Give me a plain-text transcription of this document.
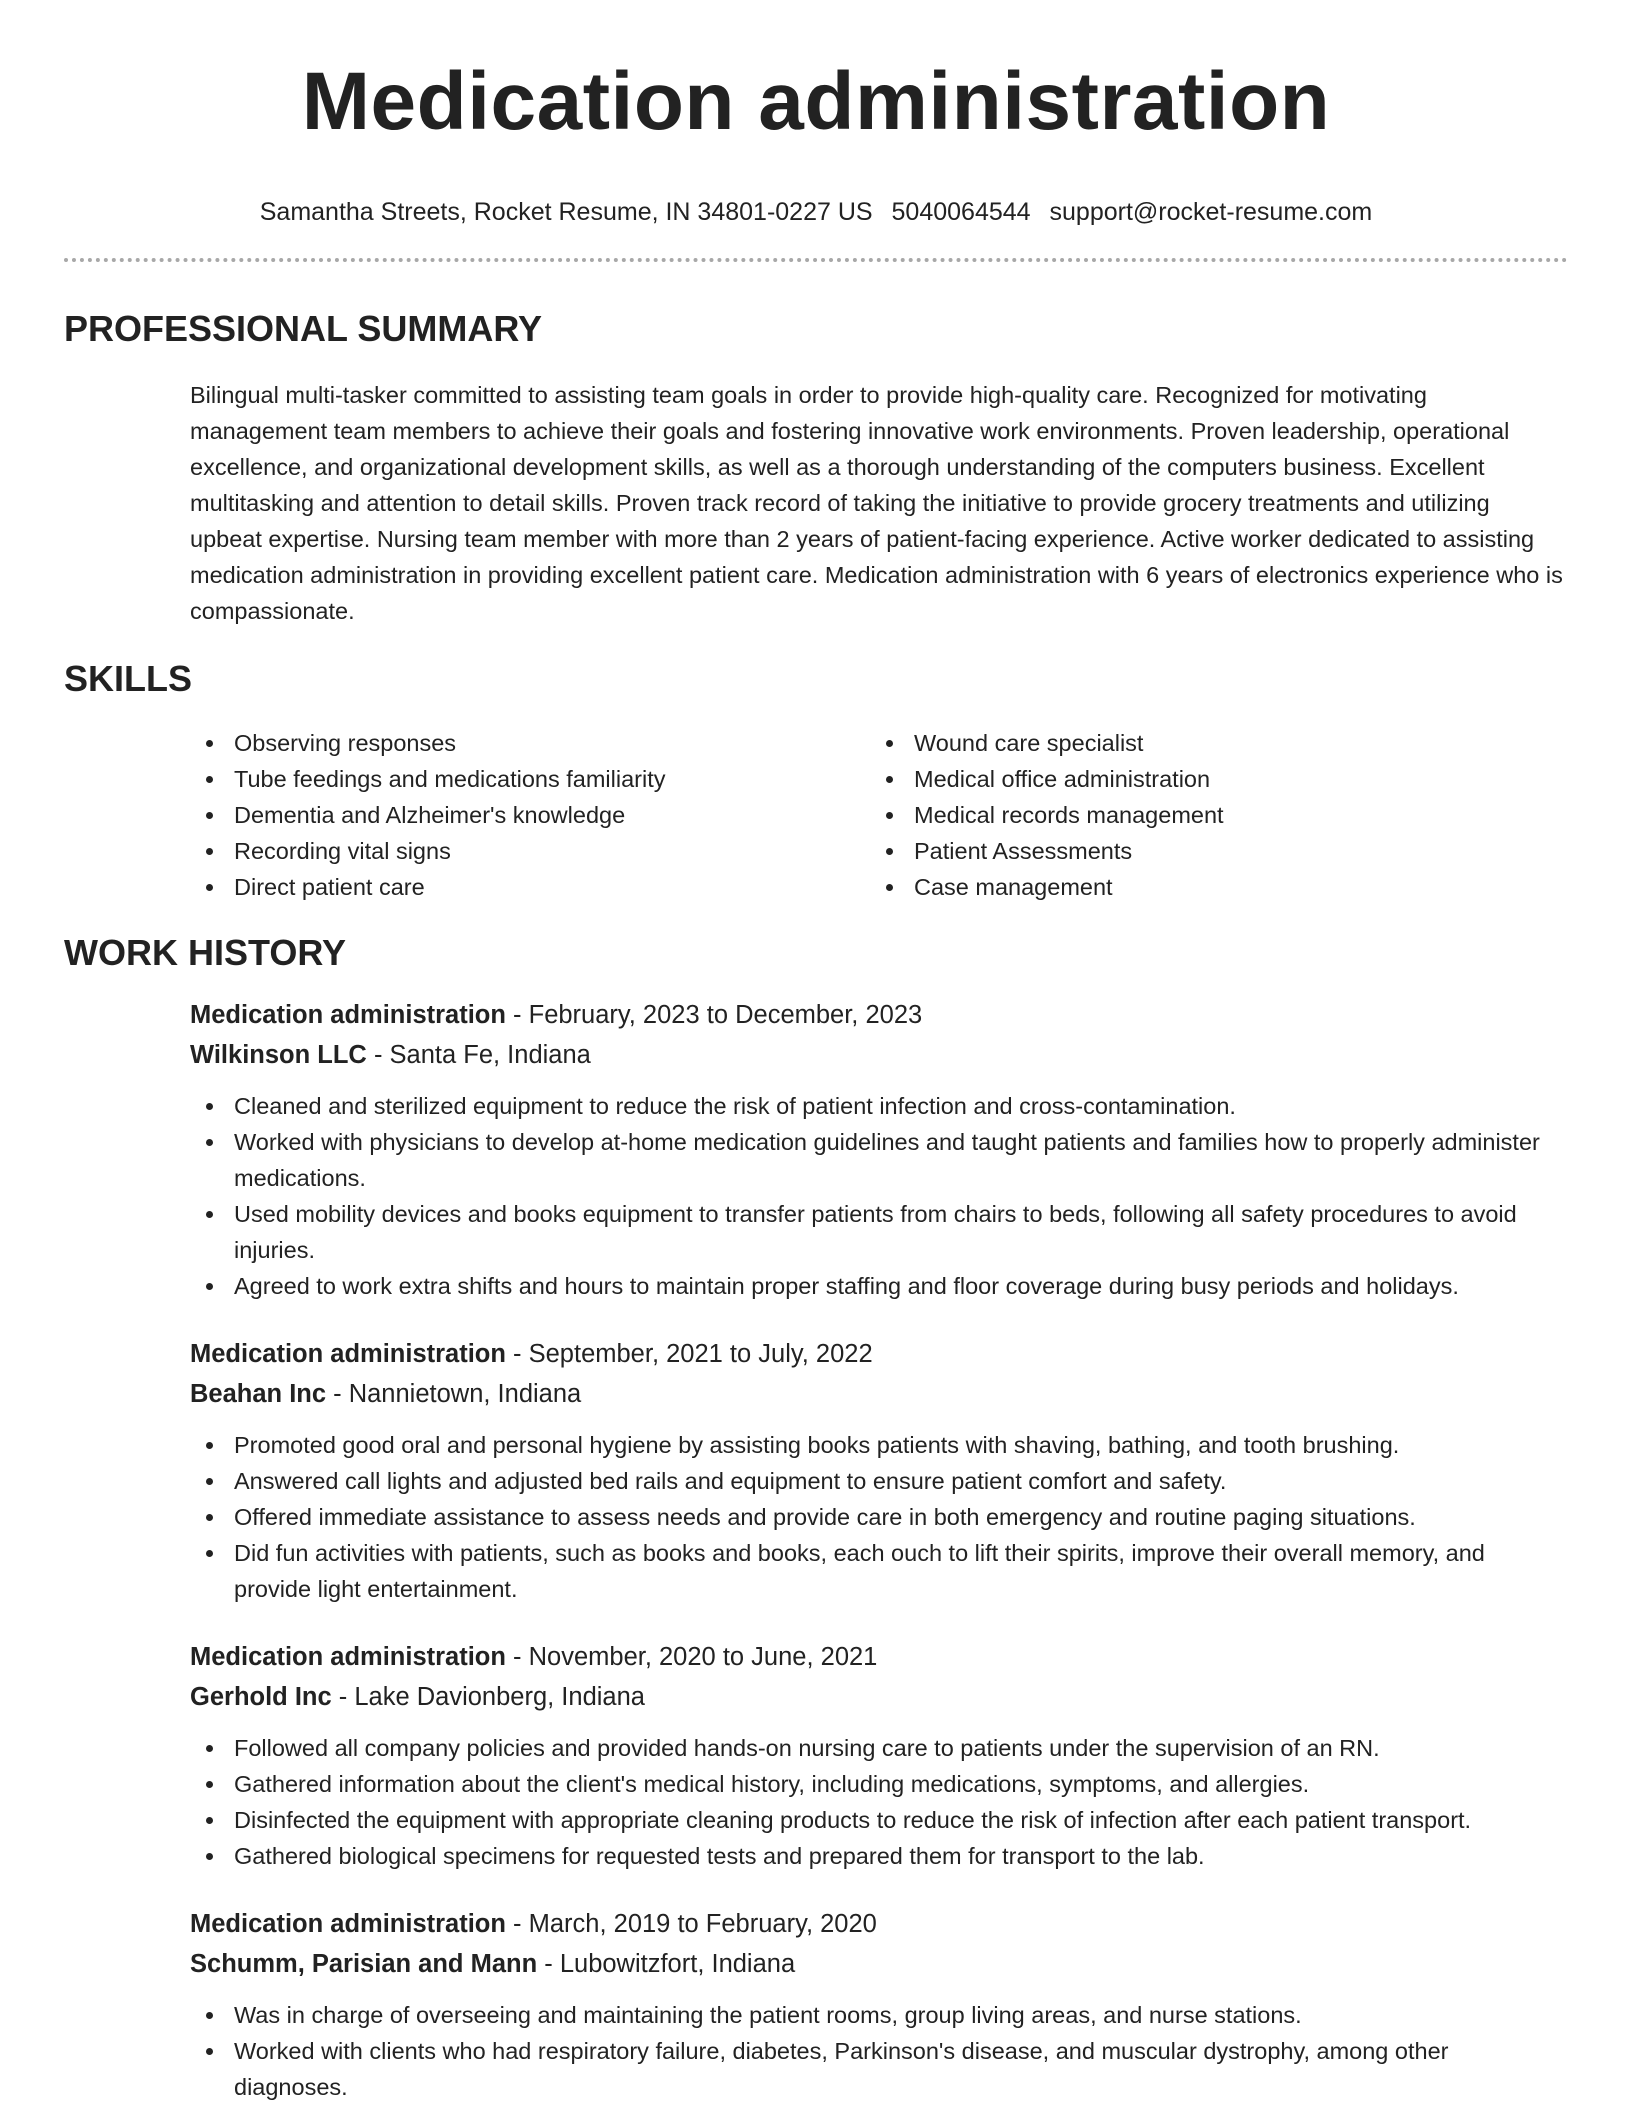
Medication administration
Samantha Streets, Rocket Resume, IN 34801-0227 US 5040064544 support@rocket-resume.com
PROFESSIONAL SUMMARY

Bilingual multi-tasker committed to assisting team goals in order to provide high-quality care. Recognized for motivating management team members to achieve their goals and fostering innovative work environments. Proven leadership, operational excellence, and organizational development skills, as well as a thorough understanding of the computers business. Excellent multitasking and attention to detail skills. Proven track record of taking the initiative to provide grocery treatments and utilizing upbeat expertise. Nursing team member with more than 2 years of patient-facing experience. Active worker dedicated to assisting medication administration in providing excellent patient care. Medication administration with 6 years of electronics experience who is compassionate.

SKILLS
Observing responses
Tube feedings and medications familiarity
Dementia and Alzheimer's knowledge
Recording vital signs
Direct patient care
Wound care specialist
Medical office administration
Medical records management
Patient Assessments
Case management
WORK HISTORY
Medication administration - February, 2023 to December, 2023
Wilkinson LLC - Santa Fe, Indiana
Cleaned and sterilized equipment to reduce the risk of patient infection and cross-contamination.
Worked with physicians to develop at-home medication guidelines and taught patients and families how to properly administer medications.
Used mobility devices and books equipment to transfer patients from chairs to beds, following all safety procedures to avoid injuries.
Agreed to work extra shifts and hours to maintain proper staffing and floor coverage during busy periods and holidays.
Medication administration - September, 2021 to July, 2022
Beahan Inc - Nannietown, Indiana
Promoted good oral and personal hygiene by assisting books patients with shaving, bathing, and tooth brushing.
Answered call lights and adjusted bed rails and equipment to ensure patient comfort and safety.
Offered immediate assistance to assess needs and provide care in both emergency and routine paging situations.
Did fun activities with patients, such as books and books, each ouch to lift their spirits, improve their overall memory, and provide light entertainment.
Medication administration - November, 2020 to June, 2021
Gerhold Inc - Lake Davionberg, Indiana
Followed all company policies and provided hands-on nursing care to patients under the supervision of an RN.
Gathered information about the client's medical history, including medications, symptoms, and allergies.
Disinfected the equipment with appropriate cleaning products to reduce the risk of infection after each patient transport.
Gathered biological specimens for requested tests and prepared them for transport to the lab.
Medication administration - March, 2019 to February, 2020
Schumm, Parisian and Mann - Lubowitzfort, Indiana
Was in charge of overseeing and maintaining the patient rooms, group living areas, and nurse stations.
Worked with clients who had respiratory failure, diabetes, Parkinson's disease, and muscular dystrophy, among other diagnoses.
